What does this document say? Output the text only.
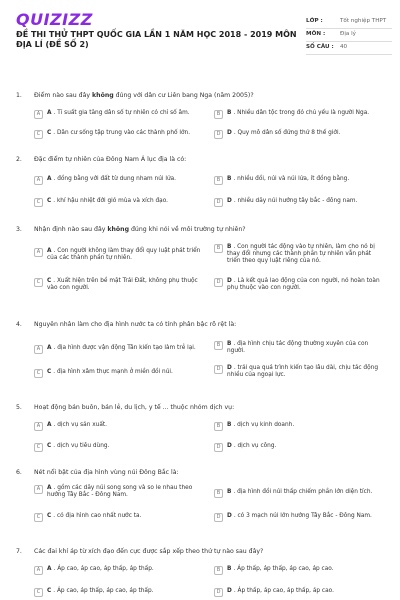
QUIZIZZ
ĐỀ THI THỬ THPT QUỐC GIA LẦN 1 NĂM HỌC 2018 - 2019 MÔN ĐỊA LÍ (ĐỀ SỐ 2)
LỚP :	Tốt nghiệp THPT
MÔN :	Địa lý
SỐ CÂU :	40
1.	Điểm nào sau đây không đúng với dân cư Liên bang Nga (năm 2005)?
A	A . Tỉ suất gia tăng dân số tự nhiên có chỉ số âm.	B	B . Nhiều dân tộc trong đó chủ yếu là người Nga.
C	C . Dân cư sống tập trung vào các thành phố lớn.	D	D . Quy mô dân số đứng thứ 8 thế giới.
2.	Đặc điểm tự nhiên của Đông Nam Á lục địa là có:
A	A . đồng bằng với đất từ dung nham núi lửa.	B	B . nhiều đồi, núi và núi lửa, ít đồng bằng.
C	C . khí hậu nhiệt đới gió mùa và xích đạo.	D	D . nhiều dãy núi hướng tây bắc - đông nam.
3.	Nhận định nào sau đây không đúng khi nói về môi trường tự nhiên?
A	A . Con người không làm thay đổi quy luật phát triển của các thành phần tự nhiên.
B	B . Con người tác động vào tự nhiên, làm cho nó bị thay đổi nhưng các thành phần tự nhiên vẫn phát triển theo quy luật riêng của nó.
C	C . Xuất hiện trên bề mặt Trái Đất, không phụ thuộc vào con người.
D	D . Là kết quả lao động của con người, nó hoàn toàn phụ thuộc vào con người.
4.	Nguyên nhân làm cho địa hình nước ta có tính phân bậc rõ rệt là:
A	A . địa hình được vận động Tân kiến tạo làm trẻ lại.
B	B . địa hình chịu tác động thường xuyên của con người.
C	C . địa hình xâm thực mạnh ở miền đồi núi.
D	D . trải qua quá trình kiến tạo lâu dài, chịu tác động nhiều của ngoại lực.
5.	Hoạt động bán buôn, bán lẻ, du lịch, y tế ... thuộc nhóm dịch vụ:
A	A . dịch vụ sản xuất.	B	B . dịch vụ kinh doanh.
C	C . dịch vụ tiêu dùng.	D	D . dịch vụ công.
6.	Nét nổi bật của địa hình vùng núi Đông Bắc là:
A	A . gồm các dãy núi song song và so le nhau theo hướng Tây Bắc - Đông Nam.	B	B . địa hình đồi núi thấp chiếm phần lớn diện tích.
C	C . có địa hình cao nhất nước ta.	D	D . có 3 mạch núi lớn hướng Tây Bắc - Đông Nam.
7.	Các đai khí áp từ xích đạo đến cực được sắp xếp theo thứ tự nào sau đây?
A	A . Áp cao, áp cao, áp thấp, áp thấp.	B	B . Áp thấp, áp thấp, áp cao, áp cao.
C	C . Áp cao, áp thấp, áp cao, áp thấp.	D	D . Áp thấp, áp cao, áp thấp, áp cao.
